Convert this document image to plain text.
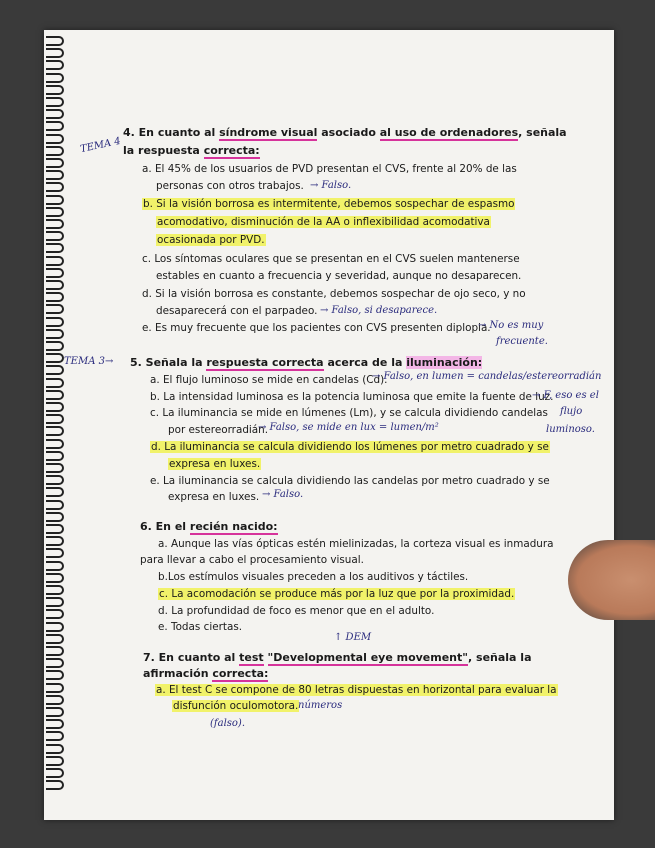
TEMA 4
4. En cuanto al síndrome visual asociado al uso de ordenadores, señala
la respuesta correcta:
a. El 45% de los usuarios de PVD presentan el CVS, frente al 20% de las
personas con otros trabajos. → Falso.
b. Si la visión borrosa es intermitente, debemos sospechar de espasmo
acomodativo, disminución de la AA o inflexibilidad acomodativa
ocasionada por PVD.
c. Los síntomas oculares que se presentan en el CVS suelen mantenerse
estables en cuanto a frecuencia y severidad, aunque no desaparecen.
d. Si la visión borrosa es constante, debemos sospechar de ojo seco, y no
desaparecerá con el parpadeo. → Falso, si desaparece.
e. Es muy frecuente que los pacientes con CVS presenten diplopia.
→ No es muy
frecuente.
TEMA 3→ 5. Señala la respuesta correcta acerca de la iluminación:
a. El flujo luminoso se mide en candelas (Cd).
→ Falso, en lumen = candelas/estereorradián
b. La intensidad luminosa es la potencia luminosa que emite la fuente de luz.
→ F, eso es el
flujo
luminoso.
c. La iluminancia se mide en lúmenes (Lm), y se calcula dividiendo candelas
por estereorradián.
→ Falso, se mide en lux = lumen/m²
d. La iluminancia se calcula dividiendo los lúmenes por metro cuadrado y se
expresa en luxes.
e. La iluminancia se calcula dividiendo las candelas por metro cuadrado y se
expresa en luxes. → Falso.
6. En el recién nacido:
a. Aunque las vías ópticas estén mielinizadas, la corteza visual es inmadura
para llevar a cabo el procesamiento visual.
b.Los estímulos visuales preceden a los auditivos y táctiles.
c. La acomodación se produce más por la luz que por la proximidad.
d. La profundidad de foco es menor que en el adulto.
e. Todas ciertas.
↑ DEM
7. En cuanto al test "Developmental eye movement", señala la
afirmación correcta:
a. El test C se compone de 80 letras dispuestas en horizontal para evaluar la
disfunción oculomotora. números
(falso).
